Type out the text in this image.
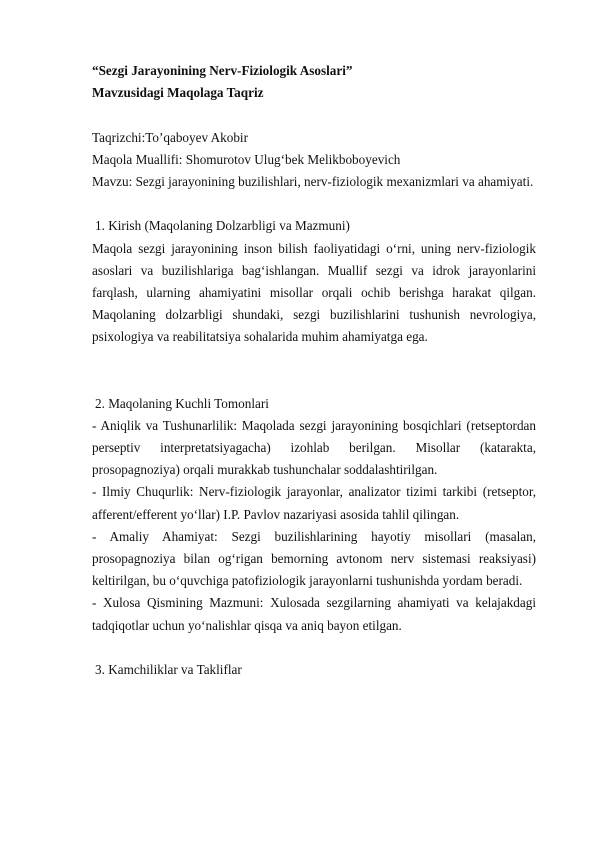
“Sezgi Jarayonining Nerv-Fiziologik Asoslari”
Mavzusidagi Maqolaga Taqriz
Taqrizchi:To’qaboyev Akobir
Maqola Muallifi: Shomurotov Ulug‘bek Melikboboyevich
Mavzu: Sezgi jarayonining buzilishlari, nerv-fiziologik mexanizmlari va ahamiyati.
1. Kirish (Maqolaning Dolzarbligi va Mazmuni)
Maqola sezgi jarayonining inson bilish faoliyatidagi o‘rni, uning nerv-fiziologik asoslari va buzilishlariga bag‘ishlangan. Muallif sezgi va idrok jarayonlarini farqlash, ularning ahamiyatini misollar orqali ochib berishga harakat qilgan. Maqolaning dolzarbligi shundaki, sezgi buzilishlarini tushunish nevrologiya, psixologiya va reabilitatsiya sohalarida muhim ahamiyatga ega.
2. Maqolaning Kuchli Tomonlari
- Aniqlik va Tushunarlilik: Maqolada sezgi jarayonining bosqichlari (retseptordan perseptiv interpretatsiyagacha) izohlab berilgan. Misollar (katarakta, prosopagnoziya) orqali murakkab tushunchalar soddalashtirilgan.
- Ilmiy Chuqurlik: Nerv-fiziologik jarayonlar, analizator tizimi tarkibi (retseptor, afferent/efferent yo‘llar) I.P. Pavlov nazariyasi asosida tahlil qilingan.
- Amaliy Ahamiyat: Sezgi buzilishlarining hayotiy misollari (masalan, prosopagnoziya bilan og‘rigan bemorning avtonom nerv sistemasi reaksiyasi) keltirilgan, bu o‘quvchiga patofiziologik jarayonlarni tushunishda yordam beradi.
- Xulosa Qismining Mazmuni: Xulosada sezgilarning ahamiyati va kelajakdagi tadqiqotlar uchun yo‘nalishlar qisqa va aniq bayon etilgan.
3. Kamchiliklar va Takliflar
